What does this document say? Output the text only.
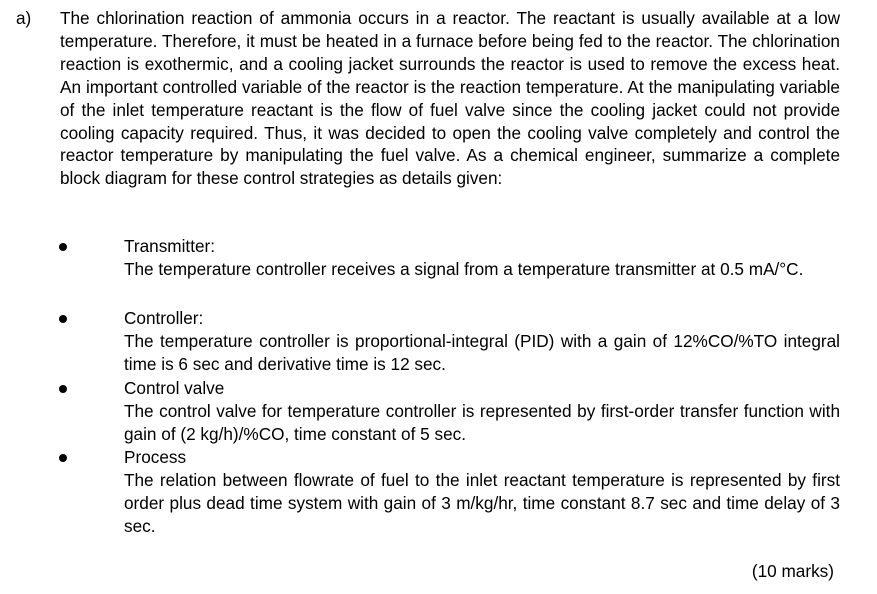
a) The chlorination reaction of ammonia occurs in a reactor. The reactant is usually available at a low temperature. Therefore, it must be heated in a furnace before being fed to the reactor. The chlorination reaction is exothermic, and a cooling jacket surrounds the reactor is used to remove the excess heat. An important controlled variable of the reactor is the reaction temperature. At the manipulating variable of the inlet temperature reactant is the flow of fuel valve since the cooling jacket could not provide cooling capacity required. Thus, it was decided to open the cooling valve completely and control the reactor temperature by manipulating the fuel valve. As a chemical engineer, summarize a complete block diagram for these control strategies as details given:
Transmitter:
The temperature controller receives a signal from a temperature transmitter at 0.5 mA/°C.
Controller:
The temperature controller is proportional-integral (PID) with a gain of 12%CO/%TO integral time is 6 sec and derivative time is 12 sec.
Control valve
The control valve for temperature controller is represented by first-order transfer function with gain of (2 kg/h)/%CO, time constant of 5 sec.
Process
The relation between flowrate of fuel to the inlet reactant temperature is represented by first order plus dead time system with gain of 3 m/kg/hr, time constant 8.7 sec and time delay of 3 sec.
(10 marks)
